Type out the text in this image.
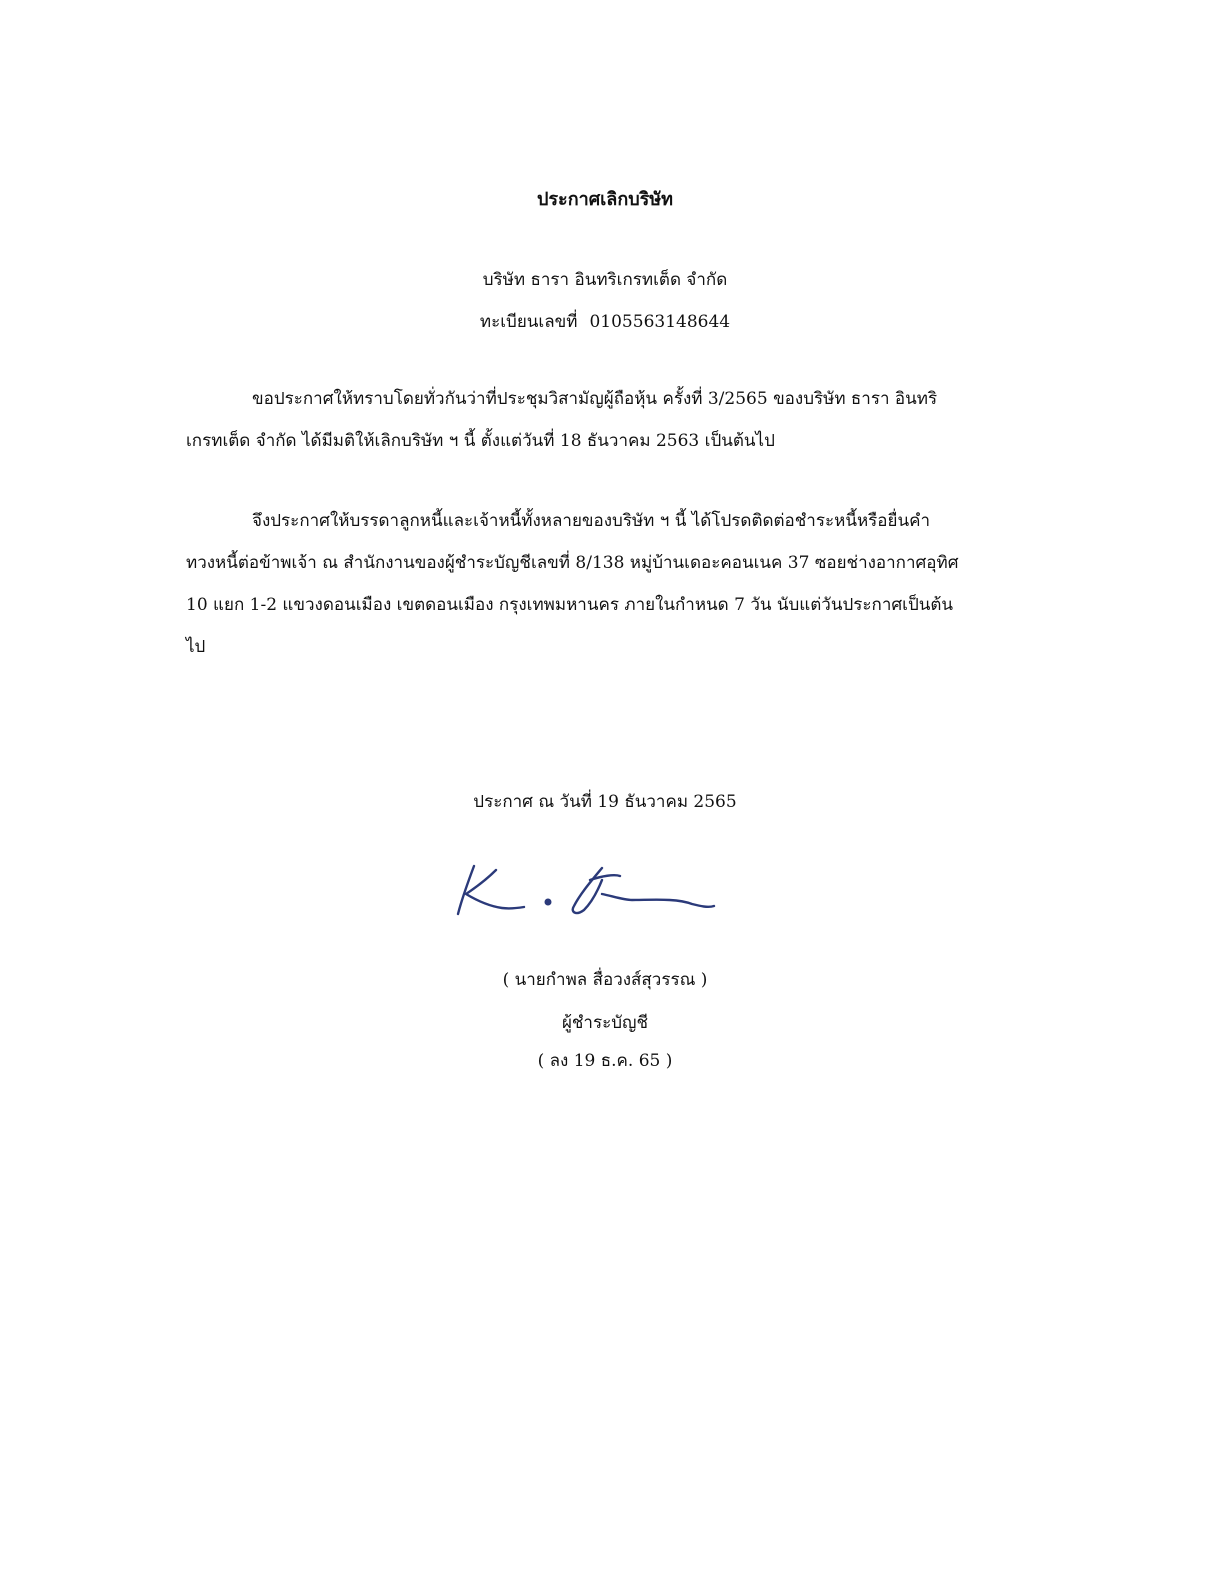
ประกาศเลิกบริษัท
บริษัท ธารา อินทริเกรทเต็ด จำกัด
ทะเบียนเลขที่ 0105563148644
ขอประกาศให้ทราบโดยทั่วกันว่าที่ประชุมวิสามัญผู้ถือหุ้น ครั้งที่ 3/2565 ของบริษัท ธารา อินทริ
เกรทเต็ด จำกัด ได้มีมติให้เลิกบริษัท ฯ นี้ ตั้งแต่วันที่ 18 ธันวาคม 2563 เป็นต้นไป
จึงประกาศให้บรรดาลูกหนี้และเจ้าหนี้ทั้งหลายของบริษัท ฯ นี้ ได้โปรดติดต่อชำระหนี้หรือยื่นคำ
ทวงหนี้ต่อข้าพเจ้า ณ สำนักงานของผู้ชำระบัญชีเลขที่ 8/138 หมู่บ้านเดอะคอนเนค 37 ซอยช่างอากาศอุทิศ
10 แยก 1-2 แขวงดอนเมือง เขตดอนเมือง กรุงเทพมหานคร ภายในกำหนด 7 วัน นับแต่วันประกาศเป็นต้น
ไป
ประกาศ ณ วันที่ 19 ธันวาคม 2565
( นายกำพล สื่อวงส์สุวรรณ )
ผู้ชำระบัญชี
( ลง 19 ธ.ค. 65 )
